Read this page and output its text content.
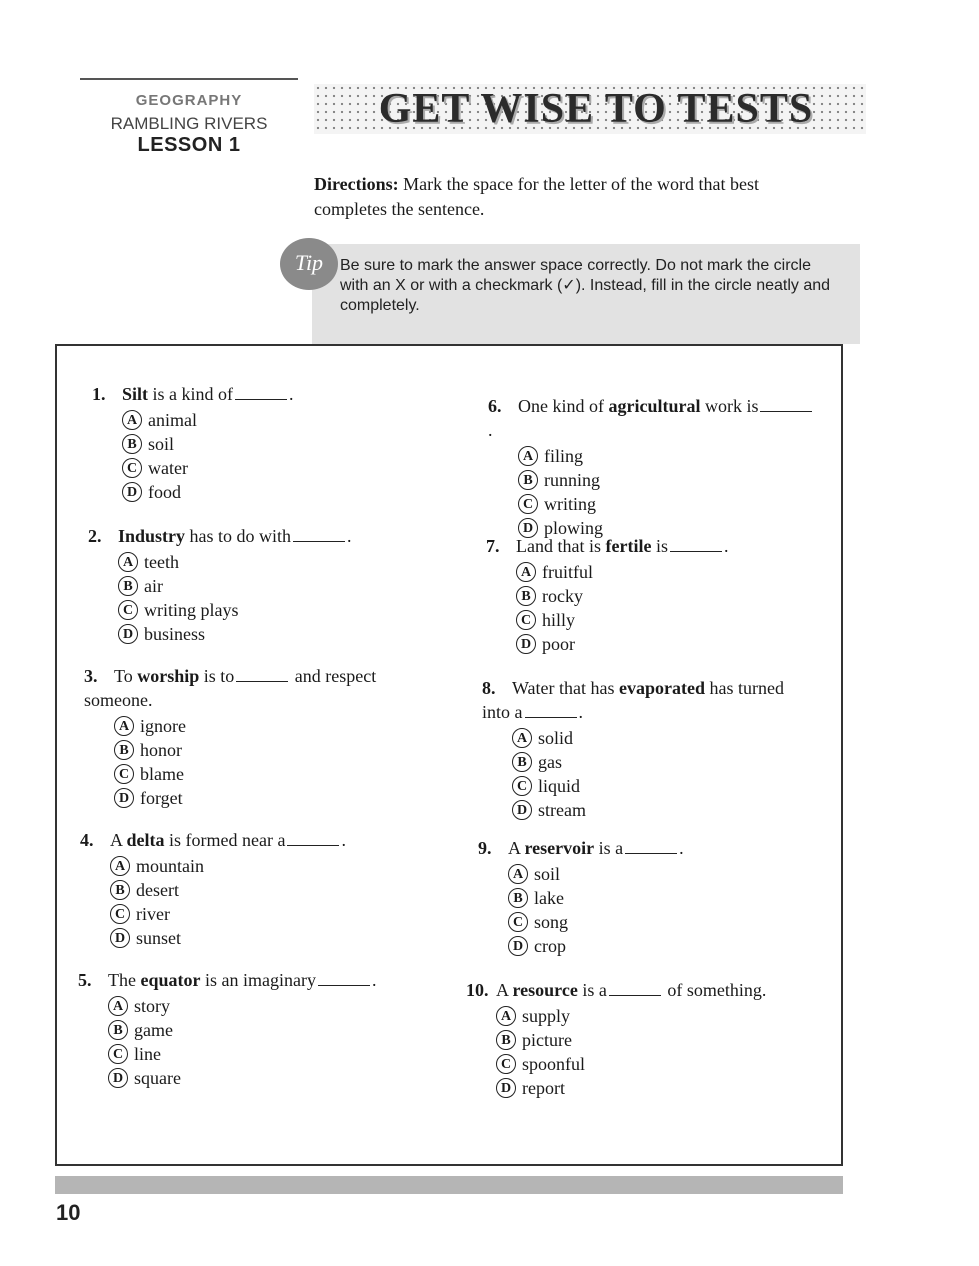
GEOGRAPHY
RAMBLING RIVERS
LESSON 1
GET WISE TO TESTS
Directions: Mark the space for the letter of the word that best completes the sentence.
Tip	Be sure to mark the answer space correctly. Do not mark the circle with an X or with a checkmark (✓). Instead, fill in the circle neatly and completely.
1. Silt is a kind of	.
A animal
B soil
C water
D food
2. Industry has to do with	.
A teeth
B air
C writing plays
D business
3. To worship is to	and respect someone.
A ignore
B honor
C blame
D forget
4. A delta is formed near a	.
A mountain
B desert
C river
D sunset
5. The equator is an imaginary	.
A story
B game
C line
D square
6. One kind of agricultural work is.
A filing
B running
C writing
D plowing
7. Land that is fertile is	.
A fruitful
B rocky
C hilly
D poor
8. Water that has evaporated has turned into a	.
A solid
B gas
C liquid
D stream
9. A reservoir is a	.
A soil
B lake
C song
D crop
10. A resource is a	of something.
A supply
B picture
C spoonful
D report
10
